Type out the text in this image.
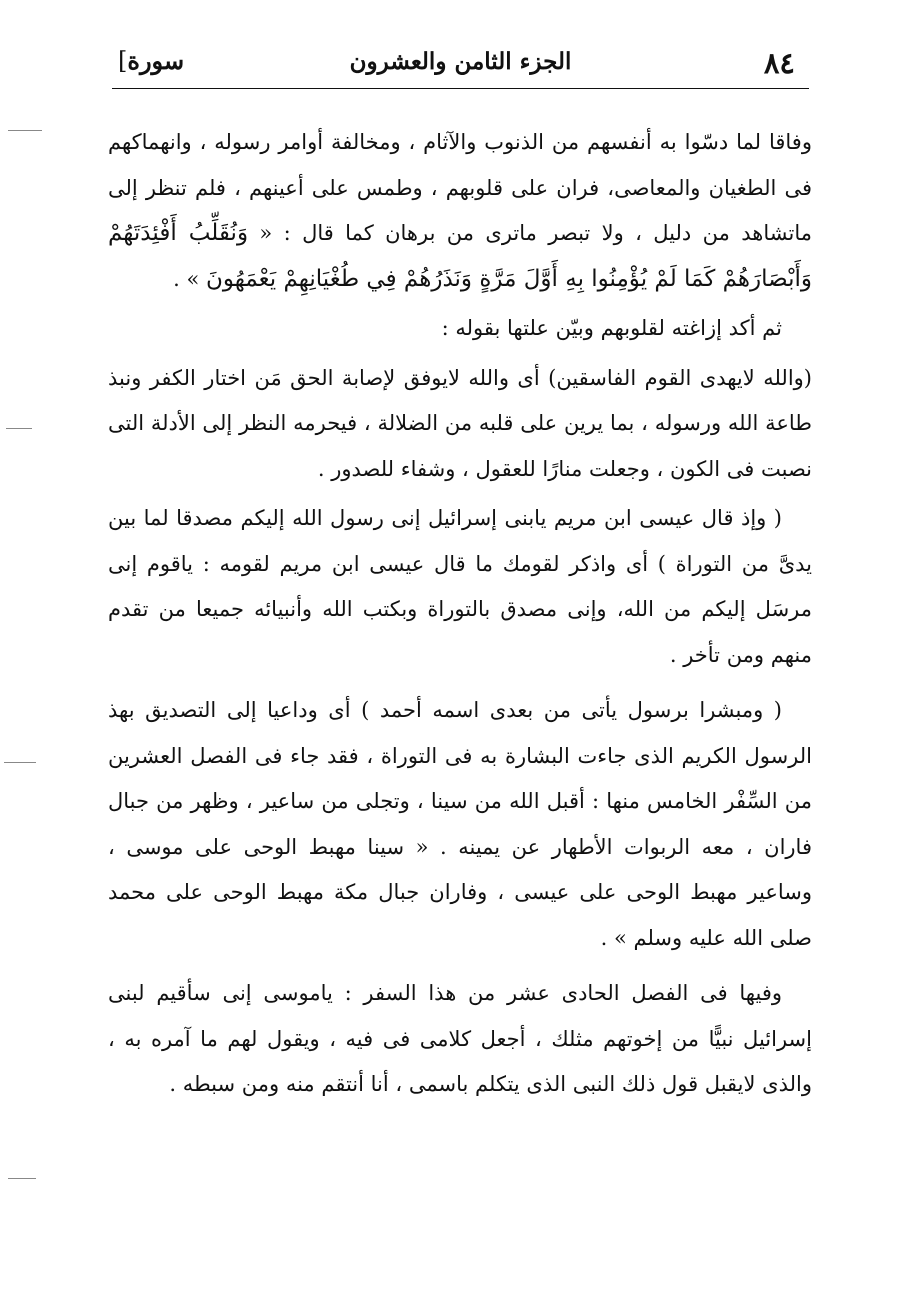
٨٤
الجزء الثامن والعشرون
سورة]

وفاقا لما دسّوا به أنفسهم من الذنوب والآثام ، ومخالفة أوامر رسوله ، وانهماكهم فى الطغيان والمعاصى، فران على قلوبهم ، وطمس على أعينهم ، فلم تنظر إلى ماتشاهد من دليل ، ولا تبصر ماترى من برهان كما قال : « وَنُقَلِّبُ أَفْئِدَتَهُمْ وَأَبْصَارَهُمْ كَمَا لَمْ يُؤْمِنُوا بِهِ أَوَّلَ مَرَّةٍ وَنَذَرُهُمْ فِي طُغْيَانِهِمْ يَعْمَهُونَ » .

ثم أكد إزاغته لقلوبهم وبيّن علتها بقوله :

(والله لايهدى القوم الفاسقين) أى والله لايوفق لإصابة الحق مَن اختار الكفر ونبذ طاعة الله ورسوله ، بما يرين على قلبه من الضلالة ، فيحرمه النظر إلى الأدلة التى نصبت فى الكون ، وجعلت منارًا للعقول ، وشفاء للصدور .

( وإذ قال عيسى ابن مريم يابنى إسرائيل إنى رسول الله إليكم مصدقا لما بين يدىَّ من التوراة ) أى واذكر لقومك ما قال عيسى ابن مريم لقومه : ياقوم إنى مرسَل إليكم من الله، وإنى مصدق بالتوراة وبكتب الله وأنبيائه جميعا من تقدم منهم ومن تأخر .

( ومبشرا برسول يأتى من بعدى اسمه أحمد ) أى وداعيا إلى التصديق بهذ الرسول الكريم الذى جاءت البشارة به فى التوراة ، فقد جاء فى الفصل العشرين من السِّفْر الخامس منها : أقبل الله من سينا ، وتجلى من ساعير ، وظهر من جبال فاران ، معه الربوات الأطهار عن يمينه . « سينا مهبط الوحى على موسى ، وساعير مهبط الوحى على عيسى ، وفاران جبال مكة مهبط الوحى على محمد صلى الله عليه وسلم » .

وفيها فى الفصل الحادى عشر من هذا السفر : ياموسى إنى سأقيم لبنى إسرائيل نبيًّا من إخوتهم مثلك ، أجعل كلامى فى فيه ، ويقول لهم ما آمره به ، والذى لايقبل قول ذلك النبى الذى يتكلم باسمى ، أنا أنتقم منه ومن سبطه .
